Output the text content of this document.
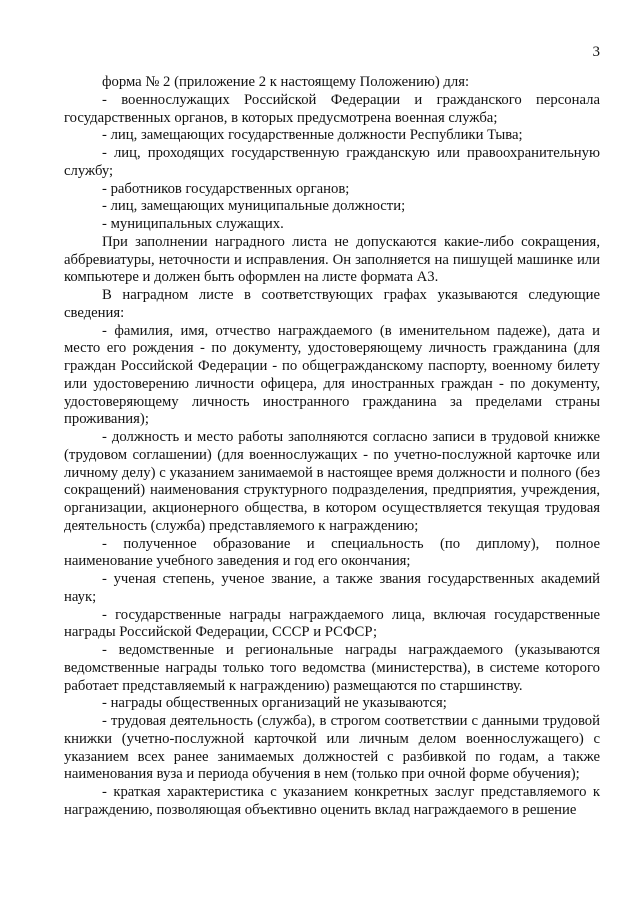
3

форма № 2 (приложение 2 к настоящему Положению) для:

- военнослужащих Российской Федерации и гражданского персонала государственных органов, в которых предусмотрена военная служба;

- лиц, замещающих государственные должности Республики Тыва;

- лиц, проходящих государственную гражданскую или правоохранительную службу;

- работников государственных органов;

- лиц, замещающих муниципальные должности;

- муниципальных служащих.

При заполнении наградного листа не допускаются какие-либо сокращения, аббревиатуры, неточности и исправления. Он заполняется на пишущей машинке или компьютере и должен быть оформлен на листе формата А3.

В наградном листе в соответствующих графах указываются следующие сведения:

- фамилия, имя, отчество награждаемого (в именительном падеже), дата и место его рождения - по документу, удостоверяющему личность гражданина (для граждан Российской Федерации - по общегражданскому паспорту, военному билету или удостоверению личности офицера, для иностранных граждан - по документу, удостоверяющему личность иностранного гражданина за пределами страны проживания);

- должность и место работы заполняются согласно записи в трудовой книжке (трудовом соглашении) (для военнослужащих - по учетно-послужной карточке или личному делу) с указанием занимаемой в настоящее время должности и полного (без сокращений) наименования структурного подразделения, предприятия, учреждения, организации, акционерного общества, в котором осуществляется текущая трудовая деятельность (служба) представляемого к награждению;

- полученное образование и специальность (по диплому), полное наименование учебного заведения и год его окончания;

- ученая степень, ученое звание, а также звания государственных академий наук;

- государственные награды награждаемого лица, включая государственные награды Российской Федерации, СССР и РСФСР;

- ведомственные и региональные награды награждаемого (указываются ведомственные награды только того ведомства (министерства), в системе которого работает представляемый к награждению) размещаются по старшинству.

- награды общественных организаций не указываются;

- трудовая деятельность (служба), в строгом соответствии с данными трудовой книжки (учетно-послужной карточкой или личным делом военнослужащего) с указанием всех ранее занимаемых должностей с разбивкой по годам, а также наименования вуза и периода обучения в нем (только при очной форме обучения);

- краткая характеристика с указанием конкретных заслуг представляемого к награждению, позволяющая объективно оценить вклад награждаемого в решение
